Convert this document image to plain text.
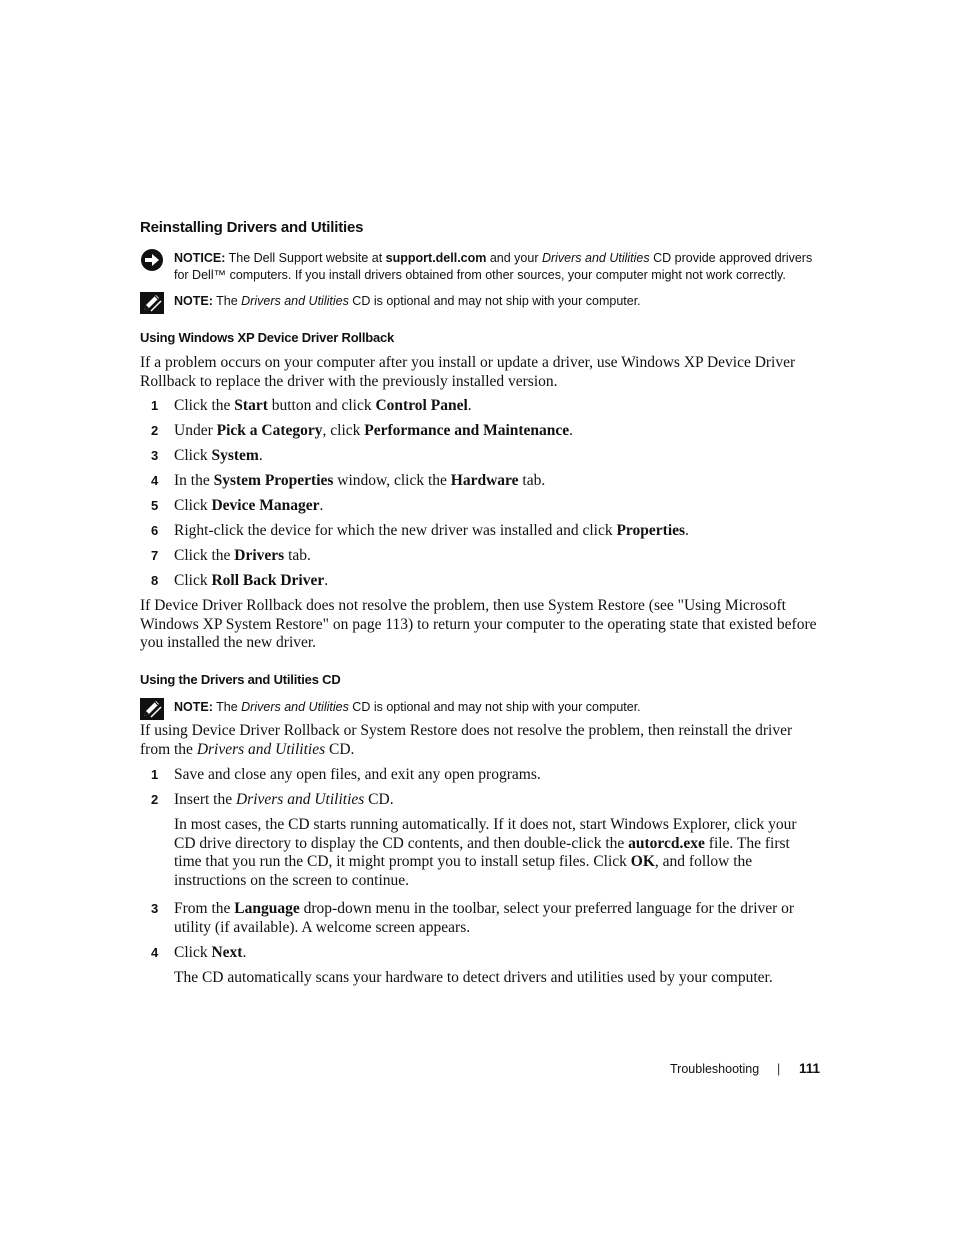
Reinstalling Drivers and Utilities
NOTICE: The Dell Support website at support.dell.com and your Drivers and Utilities CD provide approved drivers for Dell™ computers. If you install drivers obtained from other sources, your computer might not work correctly.
NOTE: The Drivers and Utilities CD is optional and may not ship with your computer.
Using Windows XP Device Driver Rollback
If a problem occurs on your computer after you install or update a driver, use Windows XP Device Driver Rollback to replace the driver with the previously installed version.
1 Click the Start button and click Control Panel.
2 Under Pick a Category, click Performance and Maintenance.
3 Click System.
4 In the System Properties window, click the Hardware tab.
5 Click Device Manager.
6 Right-click the device for which the new driver was installed and click Properties.
7 Click the Drivers tab.
8 Click Roll Back Driver.
If Device Driver Rollback does not resolve the problem, then use System Restore (see "Using Microsoft Windows XP System Restore" on page 113) to return your computer to the operating state that existed before you installed the new driver.
Using the Drivers and Utilities CD
NOTE: The Drivers and Utilities CD is optional and may not ship with your computer.
If using Device Driver Rollback or System Restore does not resolve the problem, then reinstall the driver from the Drivers and Utilities CD.
1 Save and close any open files, and exit any open programs.
2 Insert the Drivers and Utilities CD.
In most cases, the CD starts running automatically. If it does not, start Windows Explorer, click your CD drive directory to display the CD contents, and then double-click the autorcd.exe file. The first time that you run the CD, it might prompt you to install setup files. Click OK, and follow the instructions on the screen to continue.
3 From the Language drop-down menu in the toolbar, select your preferred language for the driver or utility (if available). A welcome screen appears.
4 Click Next.
The CD automatically scans your hardware to detect drivers and utilities used by your computer.
Troubleshooting | 111
